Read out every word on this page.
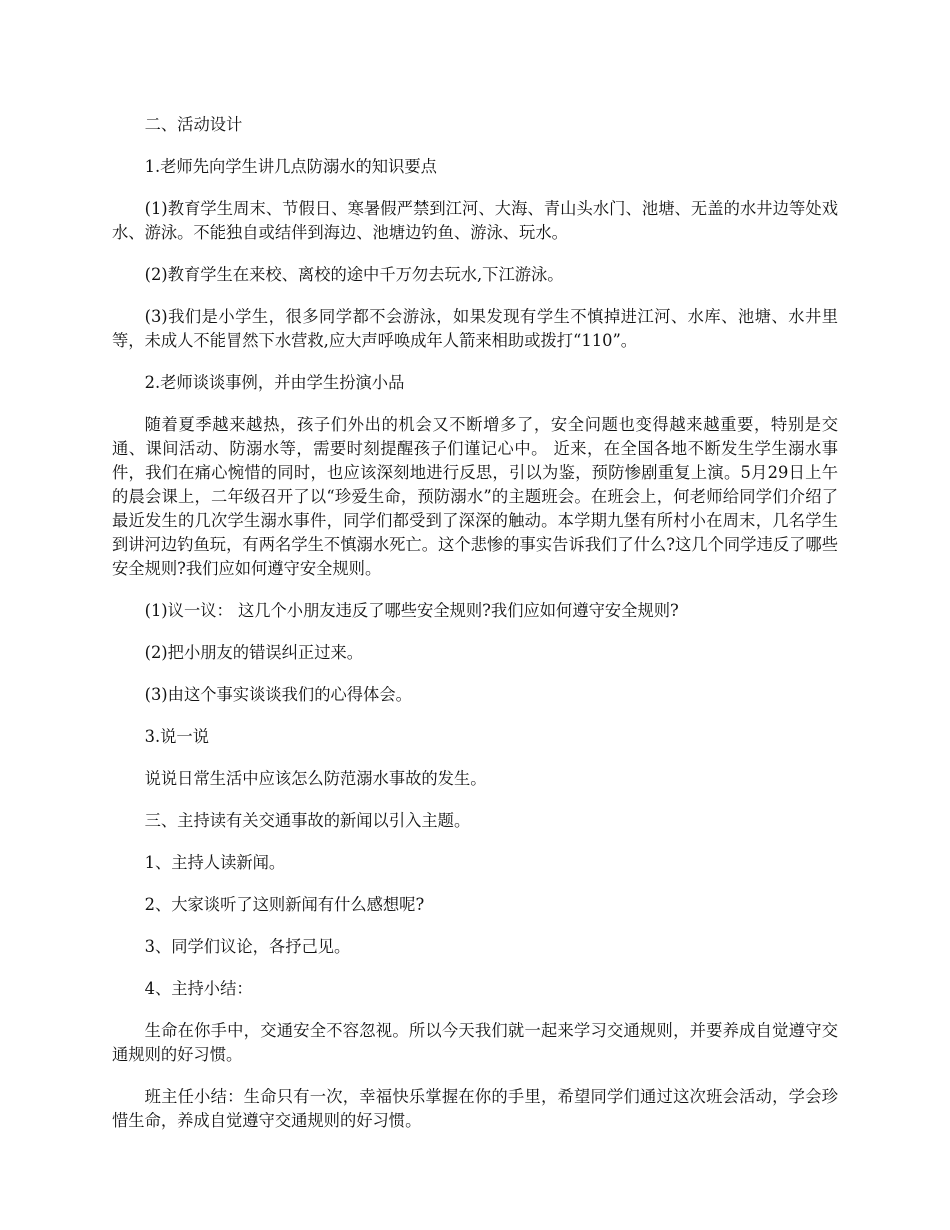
二、活动设计

1.老师先向学生讲几点防溺水的知识要点

(1)教育学生周末、节假日、寒暑假严禁到江河、大海、青山头水门、池塘、无盖的水井边等处戏水、游泳。不能独自或结伴到海边、池塘边钓鱼、游泳、玩水。

(2)教育学生在来校、离校的途中千万勿去玩水,下江游泳。

(3)我们是小学生，很多同学都不会游泳，如果发现有学生不慎掉进江河、水库、池塘、水井里等，未成人不能冒然下水营救,应大声呼唤成年人箭来相助或拨打“110”。

2.老师谈谈事例，并由学生扮演小品

随着夏季越来越热，孩子们外出的机会又不断增多了，安全问题也变得越来越重要，特别是交通、课间活动、防溺水等，需要时刻提醒孩子们谨记心中。 近来，在全国各地不断发生学生溺水事件，我们在痛心惋惜的同时，也应该深刻地进行反思，引以为鉴，预防惨剧重复上演。5月29日上午的晨会课上，二年级召开了以“珍爱生命，预防溺水”的主题班会。在班会上，何老师给同学们介绍了最近发生的几次学生溺水事件，同学们都受到了深深的触动。本学期九堡有所村小在周末，几名学生到讲河边钓鱼玩，有两名学生不慎溺水死亡。这个悲惨的事实告诉我们了什么?这几个同学违反了哪些安全规则?我们应如何遵守安全规则。

(1)议一议： 这几个小朋友违反了哪些安全规则?我们应如何遵守安全规则?

(2)把小朋友的错误纠正过来。

(3)由这个事实谈谈我们的心得体会。

3.说一说

说说日常生活中应该怎么防范溺水事故的发生。

三、主持读有关交通事故的新闻以引入主题。

1、主持人读新闻。

2、大家谈听了这则新闻有什么感想呢?

3、同学们议论，各抒己见。

4、主持小结：

生命在你手中，交通安全不容忽视。所以今天我们就一起来学习交通规则，并要养成自觉遵守交通规则的好习惯。

班主任小结：生命只有一次，幸福快乐掌握在你的手里，希望同学们通过这次班会活动，学会珍惜生命，养成自觉遵守交通规则的好习惯。
